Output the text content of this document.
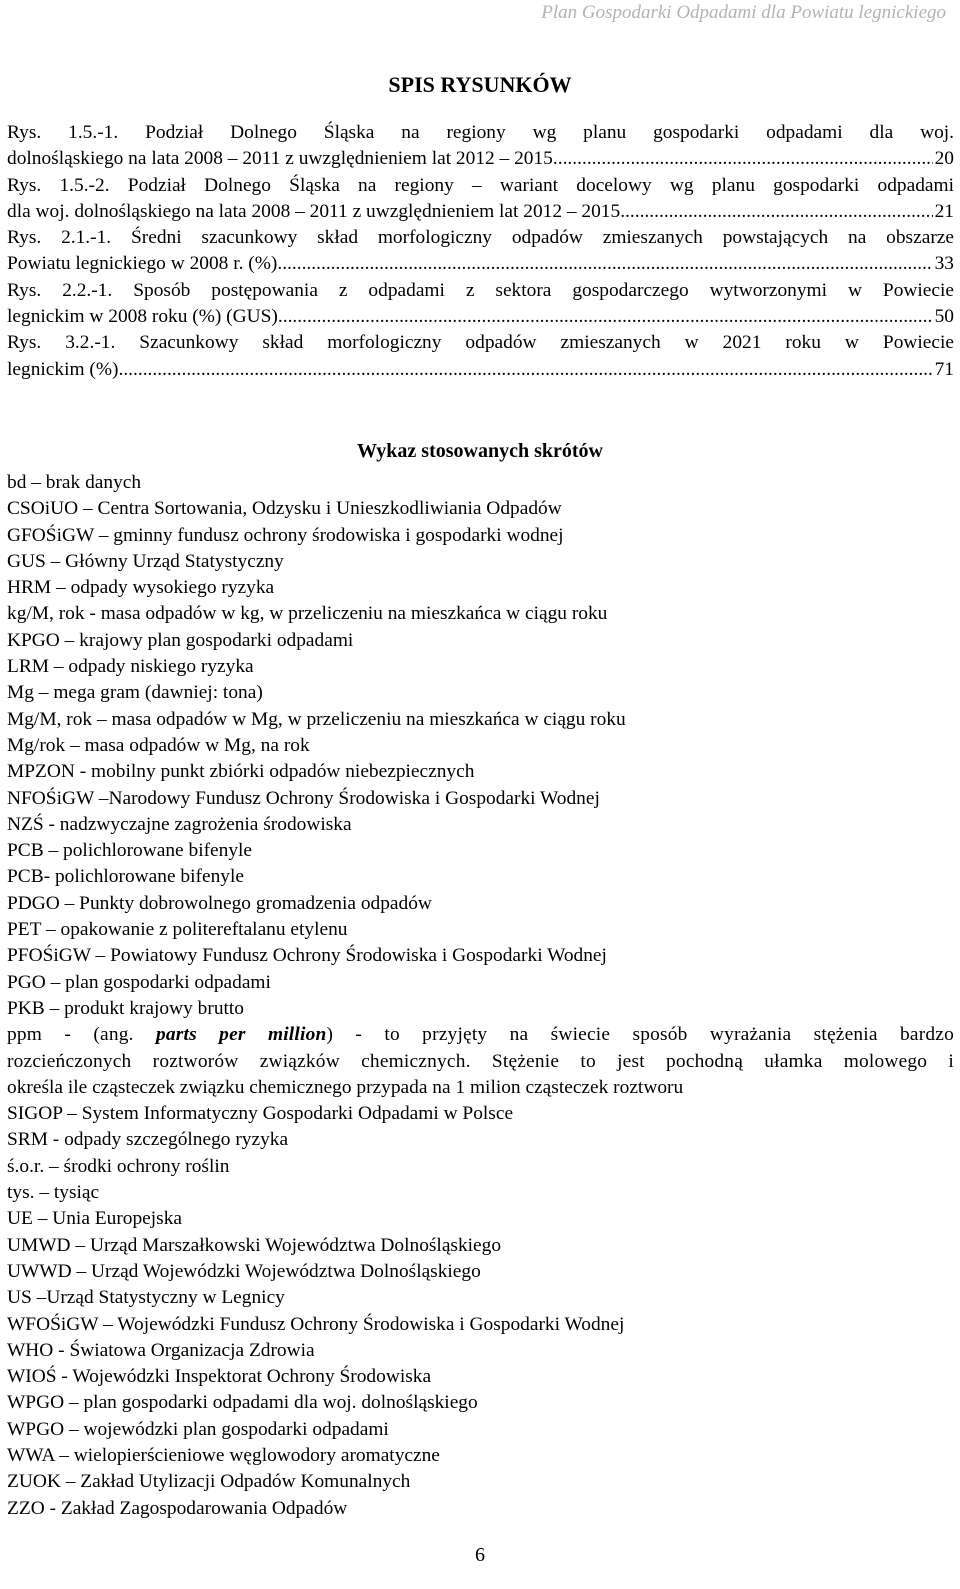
Plan Gospodarki Odpadami dla Powiatu legnickiego
SPIS RYSUNKÓW
Rys. 1.5.-1. Podział Dolnego Śląska na regiony wg planu gospodarki odpadami dla woj.
dolnośląskiego na lata 2008 – 2011 z uwzględnieniem lat 2012 – 2015 .....	20
Rys. 1.5.-2. Podział Dolnego Śląska na regiony – wariant docelowy wg planu gospodarki odpadami
dla woj. dolnośląskiego na lata 2008 – 2011 z uwzględnieniem lat 2012 – 2015 .....	21
Rys. 2.1.-1. Średni szacunkowy skład morfologiczny odpadów zmieszanych powstających na obszarze
Powiatu legnickiego w 2008 r. (%) .....	33
Rys. 2.2.-1. Sposób postępowania z odpadami z sektora gospodarczego wytworzonymi w Powiecie
legnickim w 2008 roku (%) (GUS) .....	50
Rys. 3.2.-1. Szacunkowy skład morfologiczny odpadów zmieszanych w 2021 roku w Powiecie
legnickim (%) .....	71
Wykaz stosowanych skrótów
bd – brak danych
CSOiUO – Centra Sortowania, Odzysku i Unieszkodliwiania Odpadów
GFOŚiGW – gminny fundusz ochrony środowiska i gospodarki wodnej
GUS – Główny Urząd Statystyczny
HRM – odpady wysokiego ryzyka
kg/M, rok - masa odpadów w kg, w przeliczeniu na mieszkańca w ciągu roku
KPGO – krajowy plan gospodarki odpadami
LRM – odpady niskiego ryzyka
Mg – mega gram (dawniej: tona)
Mg/M, rok – masa odpadów w Mg, w przeliczeniu na mieszkańca w ciągu roku
Mg/rok – masa odpadów w Mg, na rok
MPZON - mobilny punkt zbiórki odpadów niebezpiecznych
NFOŚiGW –Narodowy Fundusz Ochrony Środowiska i Gospodarki Wodnej
NZŚ - nadzwyczajne zagrożenia środowiska
PCB – polichlorowane bifenyle
PCB- polichlorowane bifenyle
PDGO – Punkty dobrowolnego gromadzenia odpadów
PET – opakowanie z politereftalanu etylenu
PFOŚiGW – Powiatowy Fundusz Ochrony Środowiska i Gospodarki Wodnej
PGO – plan gospodarki odpadami
PKB – produkt krajowy brutto
ppm - (ang. parts per million) - to przyjęty na świecie sposób wyrażania stężenia bardzo
rozcieńczonych roztworów związków chemicznych. Stężenie to jest pochodną ułamka molowego i
określa ile cząsteczek związku chemicznego przypada na 1 milion cząsteczek roztworu
SIGOP – System Informatyczny Gospodarki Odpadami w Polsce
SRM - odpady szczególnego ryzyka
ś.o.r. – środki ochrony roślin
tys. – tysiąc
UE – Unia Europejska
UMWD – Urząd Marszałkowski Województwa Dolnośląskiego
UWWD – Urząd Wojewódzki Województwa Dolnośląskiego
US –Urząd Statystyczny w Legnicy
WFOŚiGW – Wojewódzki Fundusz Ochrony Środowiska i Gospodarki Wodnej
WHO - Światowa Organizacja Zdrowia
WIOŚ - Wojewódzki Inspektorat Ochrony Środowiska
WPGO – plan gospodarki odpadami dla woj. dolnośląskiego
WPGO – wojewódzki plan gospodarki odpadami
WWA – wielopierścieniowe węglowodory aromatyczne
ZUOK – Zakład Utylizacji Odpadów Komunalnych
ZZO - Zakład Zagospodarowania Odpadów
6
